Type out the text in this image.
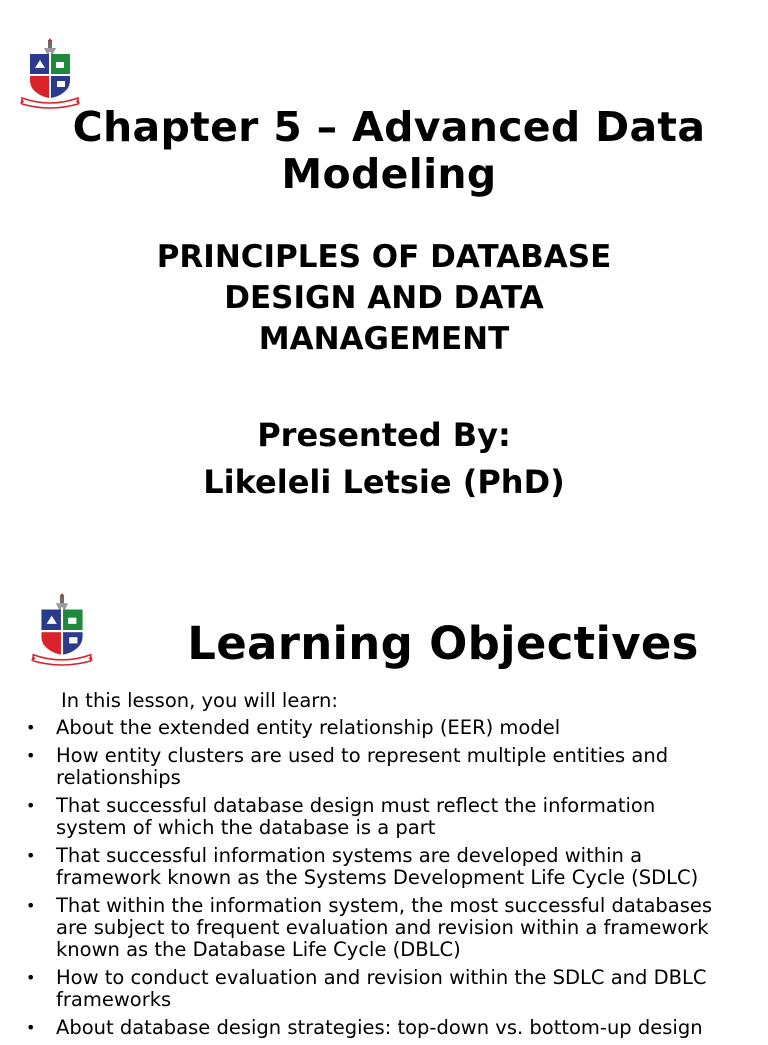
Chapter 5 – Advanced Data
Modeling
PRINCIPLES OF DATABASE
DESIGN AND DATA
MANAGEMENT
Presented By:
Likeleli Letsie (PhD)
Learning Objectives
In this lesson, you will learn:
• About the extended entity relationship (EER) model
• How entity clusters are used to represent multiple entities and
relationships
• That successful database design must reflect the information
system of which the database is a part
• That successful information systems are developed within a
framework known as the Systems Development Life Cycle (SDLC)
• That within the information system, the most successful databases
are subject to frequent evaluation and revision within a framework
known as the Database Life Cycle (DBLC)
• How to conduct evaluation and revision within the SDLC and DBLC
frameworks
• About database design strategies: top-down vs. bottom-up design
